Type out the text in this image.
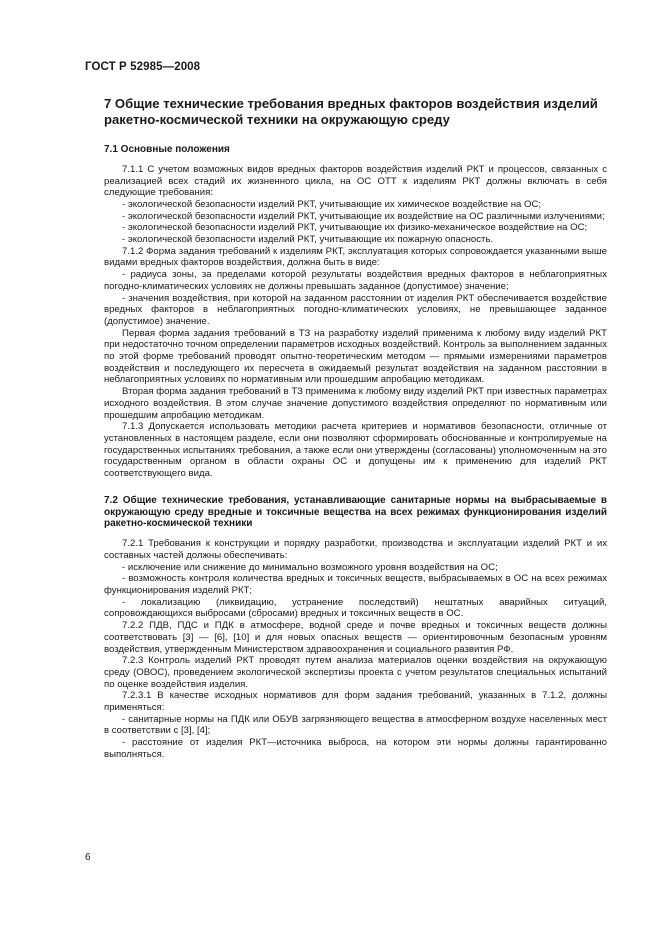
ГОСТ Р 52985—2008
7 Общие технические требования вредных факторов воздействия изделий ракетно-космической техники на окружающую среду
7.1 Основные положения

7.1.1 С учетом возможных видов вредных факторов воздействия изделий РКТ и процессов, связанных с реализацией всех стадий их жизненного цикла, на ОС ОТТ к изделиям РКТ должны включать в себя следующие требования:

- экологической безопасности изделий РКТ, учитывающие их химическое воздействие на ОС;

- экологической безопасности изделий РКТ, учитывающие их воздействие на ОС различными излучениями;

- экологической безопасности изделий РКТ, учитывающие их физико-механическое воздействие на ОС;

- экологической безопасности изделий РКТ, учитывающие их пожарную опасность.

7.1.2 Форма задания требований к изделиям РКТ, эксплуатация которых сопровождается указанными выше видами вредных факторов воздействия, должна быть в виде:

- радиуса зоны, за пределами которой результаты воздействия вредных факторов в неблагоприятных погодно-климатических условиях не должны превышать заданное (допустимое) значение;

- значения воздействия, при которой на заданном расстоянии от изделия РКТ обеспечивается воздействие вредных факторов в неблагоприятных погодно-климатических условиях, не превышающее заданное (допустимое) значение.

Первая форма задания требований в ТЗ на разработку изделий применима к любому виду изделий РКТ при недостаточно точном определении параметров исходных воздействий. Контроль за выполнением заданных по этой форме требований проводят опытно-теоретическим методом — прямыми измерениями параметров воздействия и последующего их пересчета в ожидаемый результат воздействия на заданном расстоянии в неблагоприятных условиях по нормативным или прошедшим апробацию методикам.

Вторая форма задания требований в ТЗ применима к любому виду изделий РКТ при известных параметрах исходного воздействия. В этом случае значение допустимого воздействия определяют по нормативным или прошедшим апробацию методикам.

7.1.3 Допускается использовать методики расчета критериев и нормативов безопасности, отличные от установленных в настоящем разделе, если они позволяют сформировать обоснованные и контролируемые на государственных испытаниях требования, а также если они утверждены (согласованы) уполномоченным на это государственным органом в области охраны ОС и допущены им к применению для изделий РКТ соответствующего вида.

7.2 Общие технические требования, устанавливающие санитарные нормы на выбрасываемые в окружающую среду вредные и токсичные вещества на всех режимах функционирования изделий ракетно-космической техники

7.2.1 Требования к конструкции и порядку разработки, производства и эксплуатации изделий РКТ и их составных частей должны обеспечивать:

- исключение или снижение до минимально возможного уровня воздействия на ОС;

- возможность контроля количества вредных и токсичных веществ, выбрасываемых в ОС на всех режимах функционирования изделий РКТ;

- локализацию (ликвидацию, устранение последствий) нештатных аварийных ситуаций, сопровождающихся выбросами (сбросами) вредных и токсичных веществ в ОС.

7.2.2 ПДВ, ПДС и ПДК в атмосфере, водной среде и почве вредных и токсичных веществ должны соответствовать [3] — [6], [10] и для новых опасных веществ — ориентировочным безопасным уровням воздействия, утвержденным Министерством здравоохранения и социального развития РФ.

7.2.3 Контроль изделий РКТ проводят путем анализа материалов оценки воздействия на окружающую среду (ОВОС), проведением экологической экспертизы проекта с учетом результатов специальных испытаний по оценке воздействия изделия.

7.2.3.1 В качестве исходных нормативов для форм задания требований, указанных в 7.1.2, должны применяться:

- санитарные нормы на ПДК или ОБУВ загрязняющего вещества в атмосферном воздухе населенных мест в соответствии с [3], [4];

- расстояние от изделия РКТ—источника выброса, на котором эти нормы должны гарантированно выполняться.

6
